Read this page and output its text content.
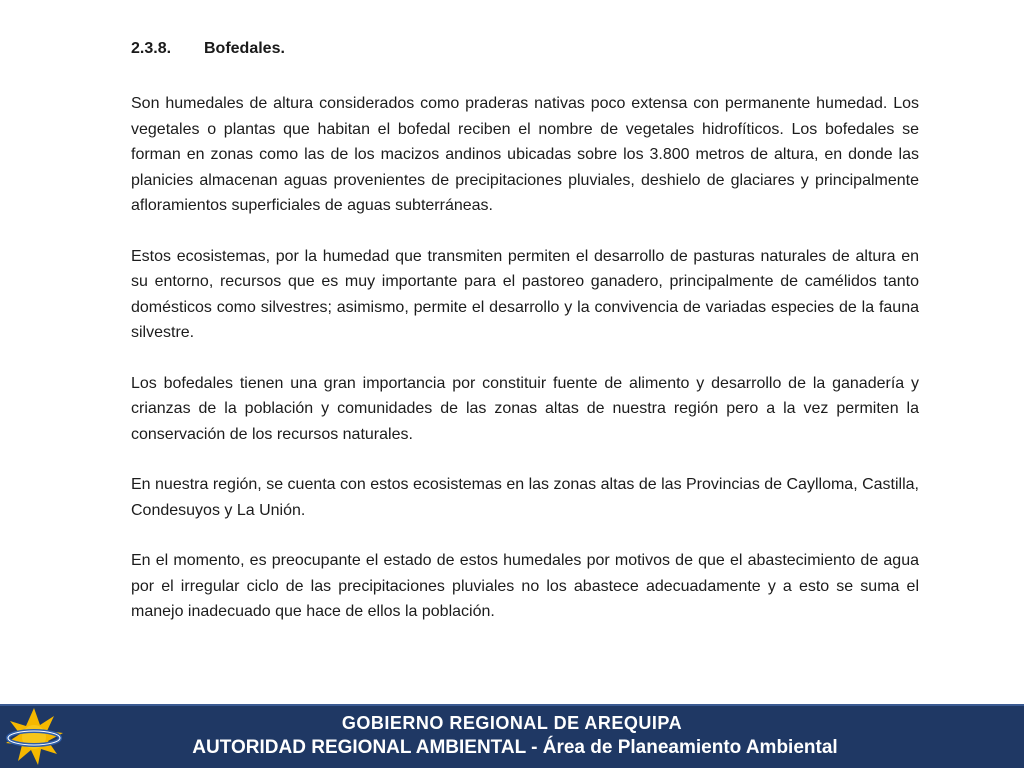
2.3.8. Bofedales.

Son humedales de altura considerados como praderas nativas poco extensa con permanente humedad. Los vegetales o plantas que habitan el bofedal reciben el nombre de vegetales hidrofíticos. Los bofedales se forman en zonas como las de los macizos andinos ubicadas sobre los 3.800 metros de altura, en donde las planicies almacenan aguas provenientes de precipitaciones pluviales, deshielo de glaciares y principalmente afloramientos superficiales de aguas subterráneas.

Estos ecosistemas, por la humedad que transmiten permiten el desarrollo de pasturas naturales de altura en su entorno, recursos que es muy importante para el pastoreo ganadero, principalmente de camélidos tanto domésticos como silvestres; asimismo, permite el desarrollo y la convivencia de variadas especies de la fauna silvestre.

Los bofedales tienen una gran importancia por constituir fuente de alimento y desarrollo de la ganadería y crianzas de la población y comunidades de las zonas altas de nuestra región pero a la vez permiten la conservación de los recursos naturales.

En nuestra región, se cuenta con estos ecosistemas en las zonas altas de las Provincias de Caylloma, Castilla, Condesuyos y La Unión.

En el momento, es preocupante el estado de estos humedales por motivos de que el abastecimiento de agua por el irregular ciclo de las precipitaciones pluviales no los abastece adecuadamente y a esto se suma el manejo inadecuado que hace de ellos la población.

GOBIERNO REGIONAL DE AREQUIPA
AUTORIDAD REGIONAL AMBIENTAL - Área de Planeamiento Ambiental
